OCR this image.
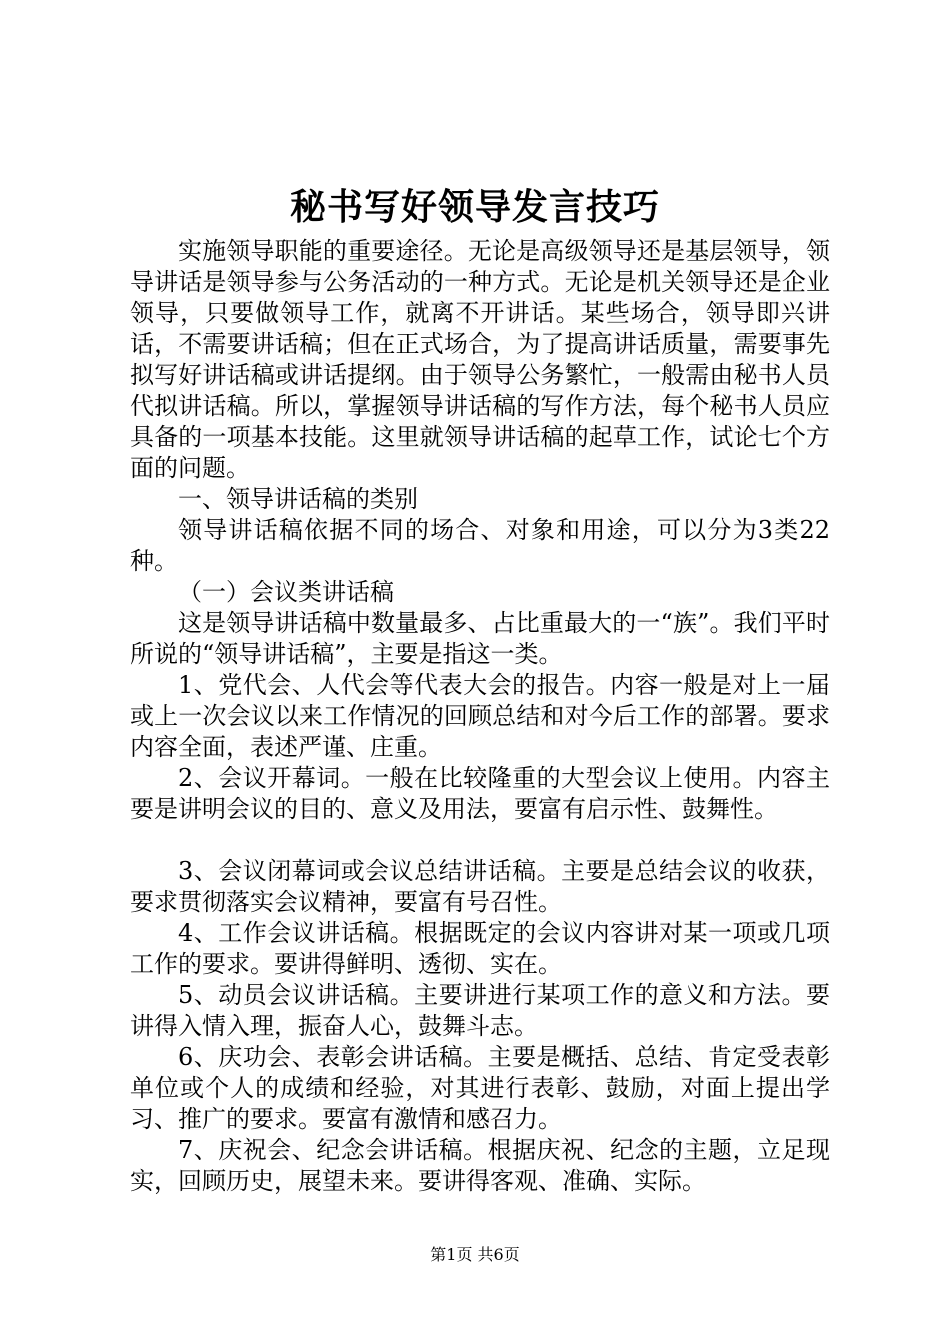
秘书写好领导发言技巧

实施领导职能的重要途径。无论是高级领导还是基层领导，领导讲话是领导参与公务活动的一种方式。无论是机关领导还是企业领导，只要做领导工作，就离不开讲话。某些场合，领导即兴讲话，不需要讲话稿；但在正式场合，为了提高讲话质量，需要事先拟写好讲话稿或讲话提纲。由于领导公务繁忙，一般需由秘书人员代拟讲话稿。所以，掌握领导讲话稿的写作方法，每个秘书人员应具备的一项基本技能。这里就领导讲话稿的起草工作，试论七个方面的问题。

一、领导讲话稿的类别

领导讲话稿依据不同的场合、对象和用途，可以分为3类22种。

（一）会议类讲话稿

这是领导讲话稿中数量最多、占比重最大的一“族”。我们平时所说的“领导讲话稿”，主要是指这一类。

1、党代会、人代会等代表大会的报告。内容一般是对上一届或上一次会议以来工作情况的回顾总结和对今后工作的部署。要求内容全面，表述严谨、庄重。

2、会议开幕词。一般在比较隆重的大型会议上使用。内容主要是讲明会议的目的、意义及用法，要富有启示性、鼓舞性。

3、会议闭幕词或会议总结讲话稿。主要是总结会议的收获，要求贯彻落实会议精神，要富有号召性。

4、工作会议讲话稿。根据既定的会议内容讲对某一项或几项工作的要求。要讲得鲜明、透彻、实在。

5、动员会议讲话稿。主要讲进行某项工作的意义和方法。要讲得入情入理，振奋人心，鼓舞斗志。

6、庆功会、表彰会讲话稿。主要是概括、总结、肯定受表彰单位或个人的成绩和经验，对其进行表彰、鼓励，对面上提出学习、推广的要求。要富有激情和感召力。

7、庆祝会、纪念会讲话稿。根据庆祝、纪念的主题，立足现实，回顾历史，展望未来。要讲得客观、准确、实际。

第1页 共6页
